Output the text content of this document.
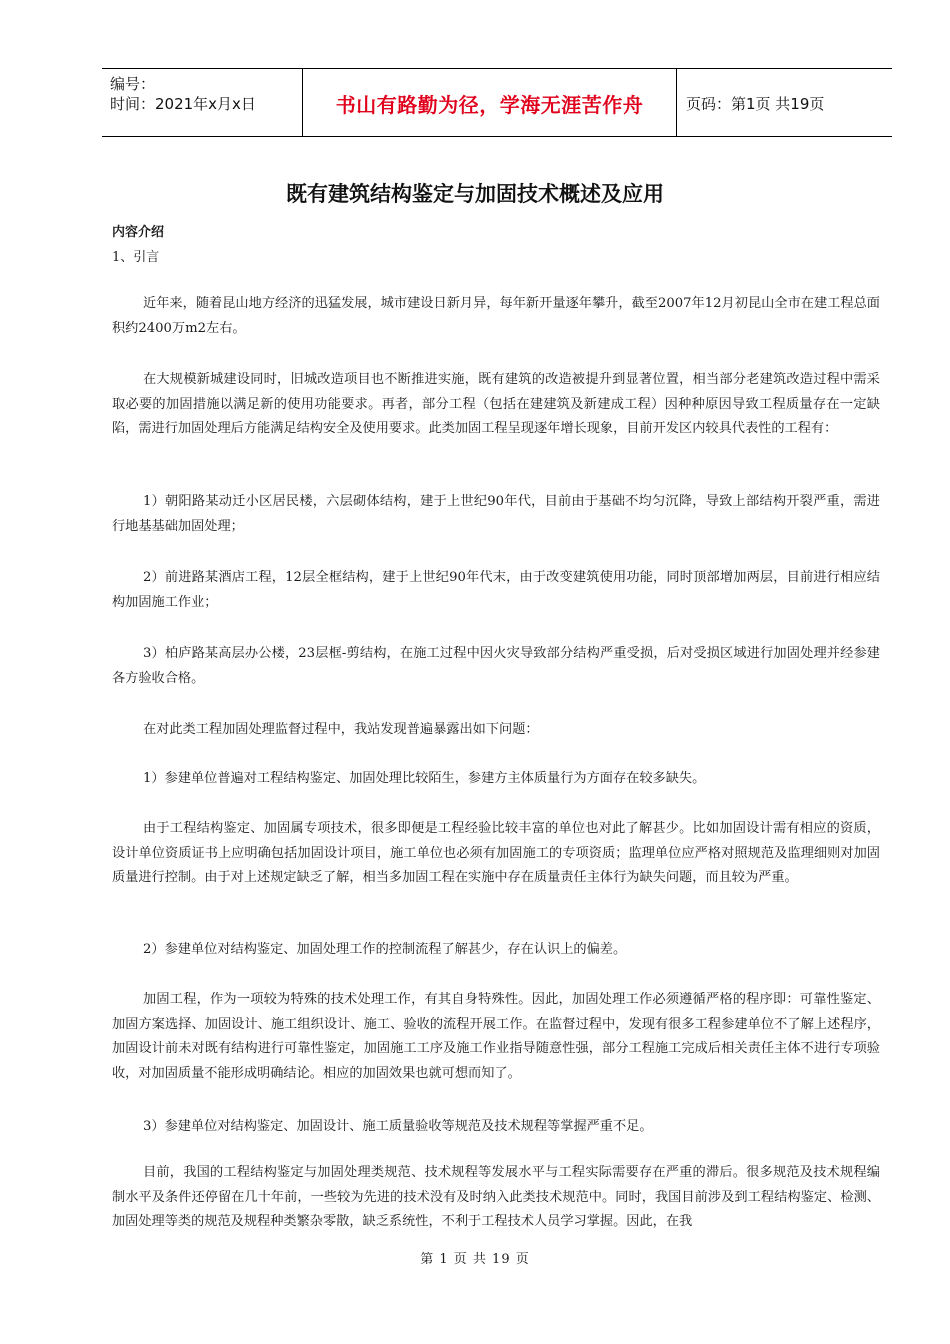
编号：
时间：2021年x月x日	书山有路勤为径，学海无涯苦作舟	页码：第1页 共19页
既有建筑结构鉴定与加固技术概述及应用
内容介绍
1、引言
近年来，随着昆山地方经济的迅猛发展，城市建设日新月异，每年新开量逐年攀升，截至2007年12月初昆山全市在建工程总面积约2400万m2左右。
在大规模新城建设同时，旧城改造项目也不断推进实施，既有建筑的改造被提升到显著位置，相当部分老建筑改造过程中需采取必要的加固措施以满足新的使用功能要求。再者，部分工程（包括在建建筑及新建成工程）因种种原因导致工程质量存在一定缺陷，需进行加固处理后方能满足结构安全及使用要求。此类加固工程呈现逐年增长现象，目前开发区内较具代表性的工程有：
1）朝阳路某动迁小区居民楼，六层砌体结构，建于上世纪90年代，目前由于基础不均匀沉降，导致上部结构开裂严重，需进行地基基础加固处理；
2）前进路某酒店工程，12层全框结构，建于上世纪90年代末，由于改变建筑使用功能，同时顶部增加两层，目前进行相应结构加固施工作业；
3）柏庐路某高层办公楼，23层框-剪结构，在施工过程中因火灾导致部分结构严重受损，后对受损区域进行加固处理并经参建各方验收合格。
在对此类工程加固处理监督过程中，我站发现普遍暴露出如下问题：
1）参建单位普遍对工程结构鉴定、加固处理比较陌生，参建方主体质量行为方面存在较多缺失。
由于工程结构鉴定、加固属专项技术，很多即便是工程经验比较丰富的单位也对此了解甚少。比如加固设计需有相应的资质，设计单位资质证书上应明确包括加固设计项目，施工单位也必须有加固施工的专项资质；监理单位应严格对照规范及监理细则对加固质量进行控制。由于对上述规定缺乏了解，相当多加固工程在实施中存在质量责任主体行为缺失问题，而且较为严重。
2）参建单位对结构鉴定、加固处理工作的控制流程了解甚少，存在认识上的偏差。
加固工程，作为一项较为特殊的技术处理工作，有其自身特殊性。因此，加固处理工作必须遵循严格的程序即：可靠性鉴定、加固方案选择、加固设计、施工组织设计、施工、验收的流程开展工作。在监督过程中，发现有很多工程参建单位不了解上述程序，加固设计前未对既有结构进行可靠性鉴定，加固施工工序及施工作业指导随意性强，部分工程施工完成后相关责任主体不进行专项验收，对加固质量不能形成明确结论。相应的加固效果也就可想而知了。
3）参建单位对结构鉴定、加固设计、施工质量验收等规范及技术规程等掌握严重不足。
目前，我国的工程结构鉴定与加固处理类规范、技术规程等发展水平与工程实际需要存在严重的滞后。很多规范及技术规程编制水平及条件还停留在几十年前，一些较为先进的技术没有及时纳入此类技术规范中。同时，我国目前涉及到工程结构鉴定、检测、加固处理等类的规范及规程种类繁杂零散，缺乏系统性，不利于工程技术人员学习掌握。因此，在我
第 1 页 共 19 页
